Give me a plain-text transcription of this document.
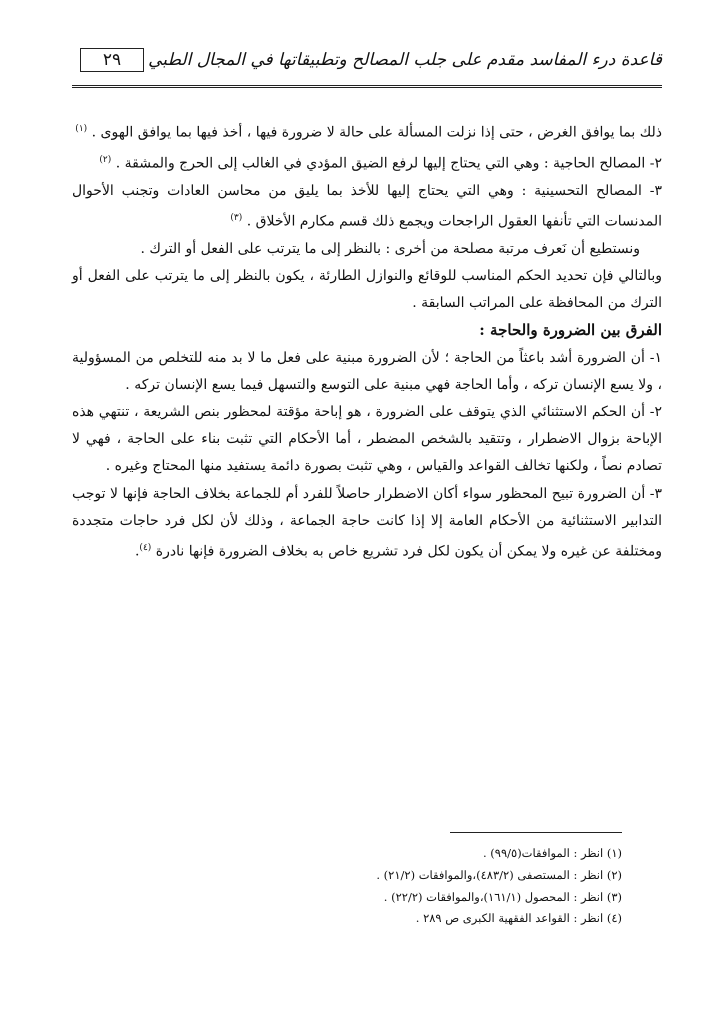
٢٩	قاعدة درء المفاسد مقدم على جلب المصالح وتطبيقاتها في المجال الطبي

ذلك بما يوافق الغرض ، حتى إذا نزلت المسألة على حالة لا ضرورة فيها ، أخذ فيها بما يوافق الهوى . $^{(١)}$

٢- المصالح الحاجية : وهي التي يحتاج إليها لرفع الضيق المؤدي في الغالب إلى الحرج والمشقة . $^{(٢)}$

٣- المصالح التحسينية : وهي التي يحتاج إليها للأخذ بما يليق من محاسن العادات وتجنب الأحوال المدنسات التي تأنفها العقول الراجحات ويجمع ذلك قسم مكارم الأخلاق . $^{(٣)}$

ونستطيع أن نَعرف مرتبة مصلحة من أخرى : بالنظر إلى ما يترتب على الفعل أو الترك .

وبالتالي فإن تحديد الحكم المناسب للوقائع والنوازل الطارئة ، يكون بالنظر إلى ما يترتب على الفعل أو الترك من المحافظة على المراتب السابقة .

الفرق بين الضرورة والحاجة :

١- أن الضرورة أشد باعثاً من الحاجة ؛ لأن الضرورة مبنية على فعل ما لا بد منه للتخلص من المسؤولية ، ولا يسع الإنسان تركه ، وأما الحاجة فهي مبنية على التوسع والتسهل فيما يسع الإنسان تركه .

٢- أن الحكم الاستثنائي الذي يتوقف على الضرورة ، هو إباحة مؤقتة لمحظور بنص الشريعة ، تنتهي هذه الإباحة بزوال الاضطرار ، وتتقيد بالشخص المضطر ، أما الأحكام التي تثبت بناء على الحاجة ، فهي لا تصادم نصاً ، ولكنها تخالف القواعد والقياس ، وهي تثبت بصورة دائمة يستفيد منها المحتاج وغيره .

٣- أن الضرورة تبيح المحظور سواء أكان الاضطرار حاصلاً للفرد أم للجماعة بخلاف الحاجة فإنها لا توجب التدابير الاستثنائية من الأحكام العامة إلا إذا كانت حاجة الجماعة ، وذلك لأن لكل فرد حاجات متجددة ومختلفة عن غيره ولا يمكن أن يكون لكل فرد تشريع خاص به بخلاف الضرورة فإنها نادرة $^{(٤)}$.

(١) انظر : الموافقات(٩٩/٥) .
(٢) انظر : المستصفى (٤٨٣/٢)،والموافقات (٢١/٢) .
(٣) انظر : المحصول (١٦١/١)،والموافقات (٢٢/٢) .
(٤) انظر : القواعد الفقهية الكبرى ص ٢٨٩ .
